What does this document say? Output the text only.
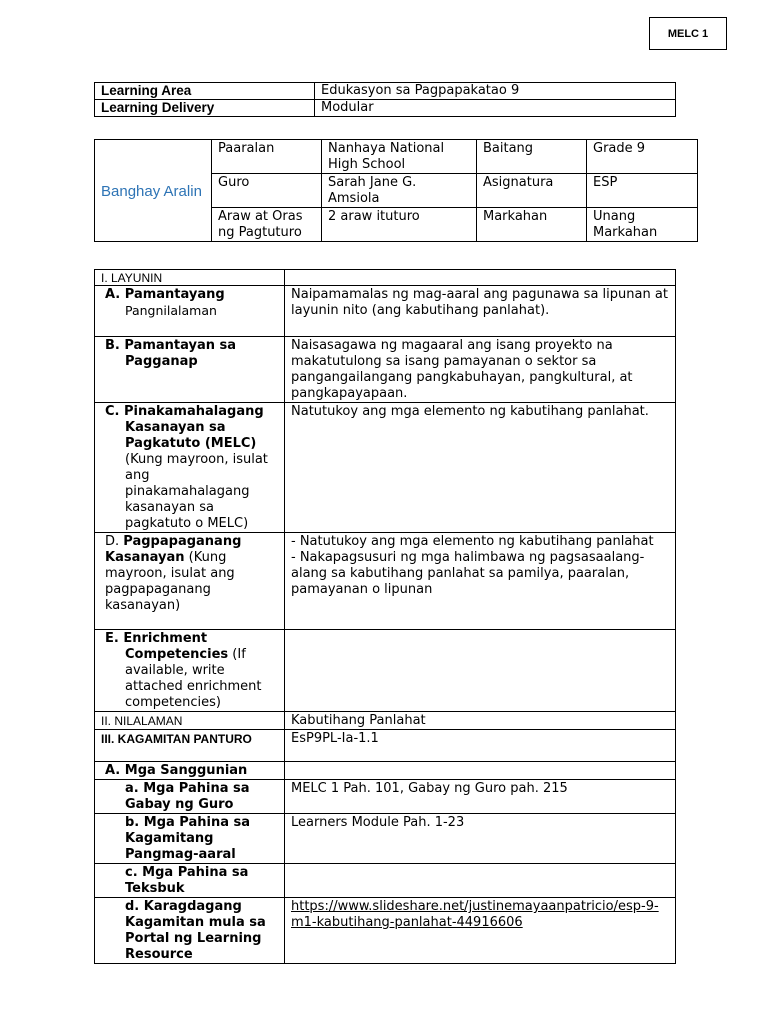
MELC 1
Learning Area	Edukasyon sa Pagpapakatao 9
Learning Delivery	Modular
Banghay Aralin	Paaralan	Nanhaya National High School	Baitang	Grade 9
	Guro	Sarah Jane G. Amsiola	Asignatura	ESP
	Araw at Oras ng Pagtuturo	2 araw ituturo	Markahan	Unang Markahan
I. LAYUNIN	

A. Pamantayang
Pangnilalaman	Naipamamalas ng mag-aaral ang pagunawa sa lipunan at layunin nito (ang kabutihang panlahat).

B. Pamantayan sa
Pagganap	Naisasagawa ng magaaral ang isang proyekto na makatutulong sa isang pamayanan o sektor sa pangangailangang pangkabuhayan, pangkultural, at pangkapayapaan.

C. Pinakamahalagang
Kasanayan sa Pagkatuto (MELC) (Kung mayroon, isulat ang pinakamahalagang kasanayan sa pagkatuto o MELC)	Natutukoy ang mga elemento ng kabutihang panlahat.
D. Pagpapaganang Kasanayan (Kung mayroon, isulat ang pagpapaganang kasanayan)	- Natutukoy ang mga elemento ng kabutihang panlahat
- Nakapagsusuri ng mga halimbawa ng pagsasaalang-alang sa kabutihang panlahat sa pamilya, paaralan, pamayanan o lipunan

E. Enrichment
Competencies (If available, write attached enrichment competencies)	

II. NILALAMAN	Kabutihang Panlahat
III. KAGAMITAN PANTURO	EsP9PL-Ia-1.1
A. Mga Sanggunian	
a. Mga Pahina sa Gabay ng Guro	MELC 1 Pah. 101, Gabay ng Guro pah. 215
b. Mga Pahina sa Kagamitang Pangmag-aaral	Learners Module Pah. 1-23
c. Mga Pahina sa Teksbuk	
d. Karagdagang Kagamitan mula sa Portal ng Learning Resource	https://www.slideshare.net/justinemayaanpatricio/esp-9-m1-kabutihang-panlahat-44916606
